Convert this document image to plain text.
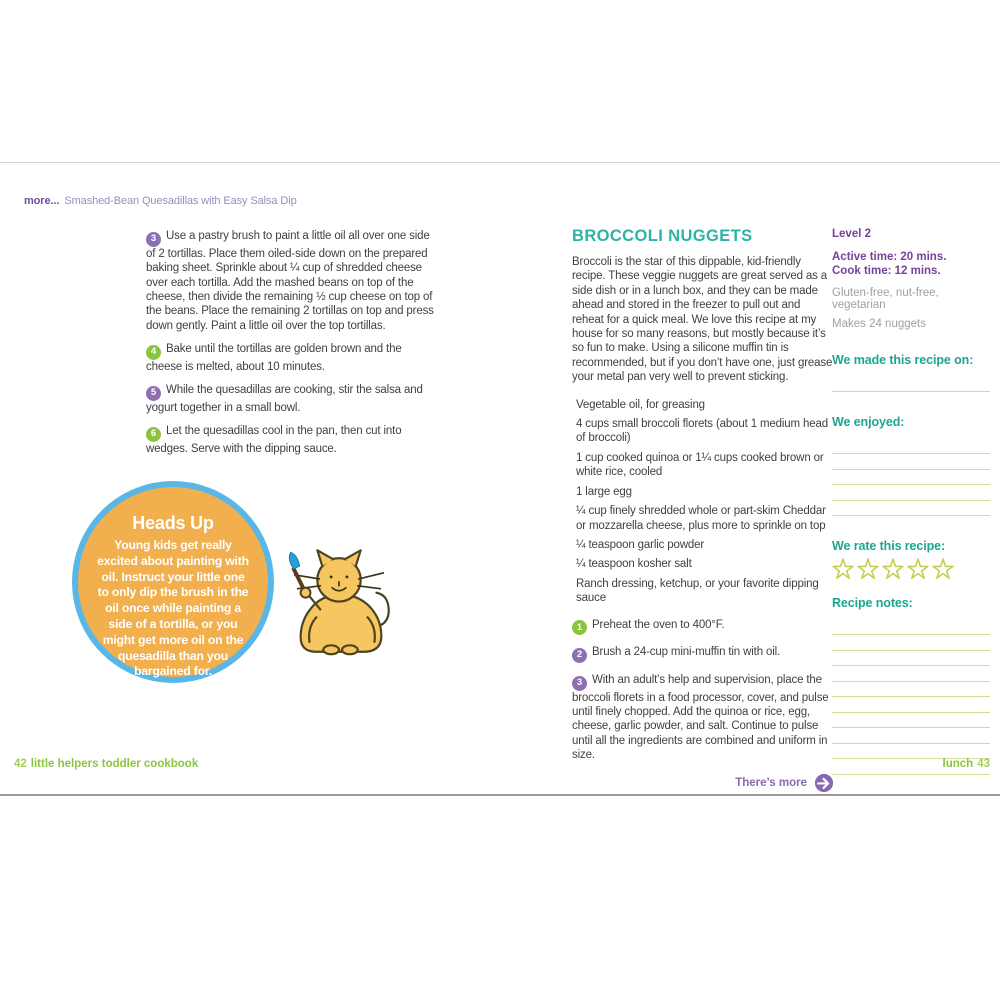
more... Smashed-Bean Quesadillas with Easy Salsa Dip

3 Use a pastry brush to paint a little oil all over one side of 2 tortillas. Place them oiled-side down on the prepared baking sheet. Sprinkle about ¼ cup of shredded cheese over each tortilla. Add the mashed beans on top of the cheese, then divide the remaining ½ cup cheese on top of the beans. Place the remaining 2 tortillas on top and press down gently. Paint a little oil over the top tortillas.

4 Bake until the tortillas are golden brown and the cheese is melted, about 10 minutes.

5 While the quesadillas are cooking, stir the salsa and yogurt together in a small bowl.

6 Let the quesadillas cool in the pan, then cut into wedges. Serve with the dipping sauce.

Heads Up
Young kids get really excited about painting with oil. Instruct your little one to only dip the brush in the oil once while painting a side of a tortilla, or you might get more oil on the quesadilla than you bargained for.
BROCCOLI NUGGETS

Broccoli is the star of this dippable, kid-friendly recipe. These veggie nuggets are great served as a side dish or in a lunch box, and they can be made ahead and stored in the freezer to pull out and reheat for a quick meal. We love this recipe at my house for so many reasons, but mostly because it’s so fun to make. Using a silicone muffin tin is recommended, but if you don’t have one, just grease your metal pan very well to prevent sticking.

Vegetable oil, for greasing

4 cups small broccoli florets (about 1 medium head of broccoli)

1 cup cooked quinoa or 1¼ cups cooked brown or white rice, cooled

1 large egg

¼ cup finely shredded whole or part-skim Cheddar or mozzarella cheese, plus more to sprinkle on top

¼ teaspoon garlic powder

¼ teaspoon kosher salt

Ranch dressing, ketchup, or your favorite dipping sauce

1 Preheat the oven to 400°F.

2 Brush a 24-cup mini-muffin tin with oil.

3 With an adult’s help and supervision, place the broccoli florets in a food processor, cover, and pulse until finely chopped. Add the quinoa or rice, egg, cheese, garlic powder, and salt. Continue to pulse until all the ingredients are combined and uniform in size.

There’s more
Level 2
Active time: 20 mins.
Cook time: 12 mins.
Gluten-free, nut-free, vegetarian
Makes 24 nuggets
We made this recipe on:
We enjoyed:
We rate this recipe:
Recipe notes:
42 little helpers toddler cookbook	lunch 43
